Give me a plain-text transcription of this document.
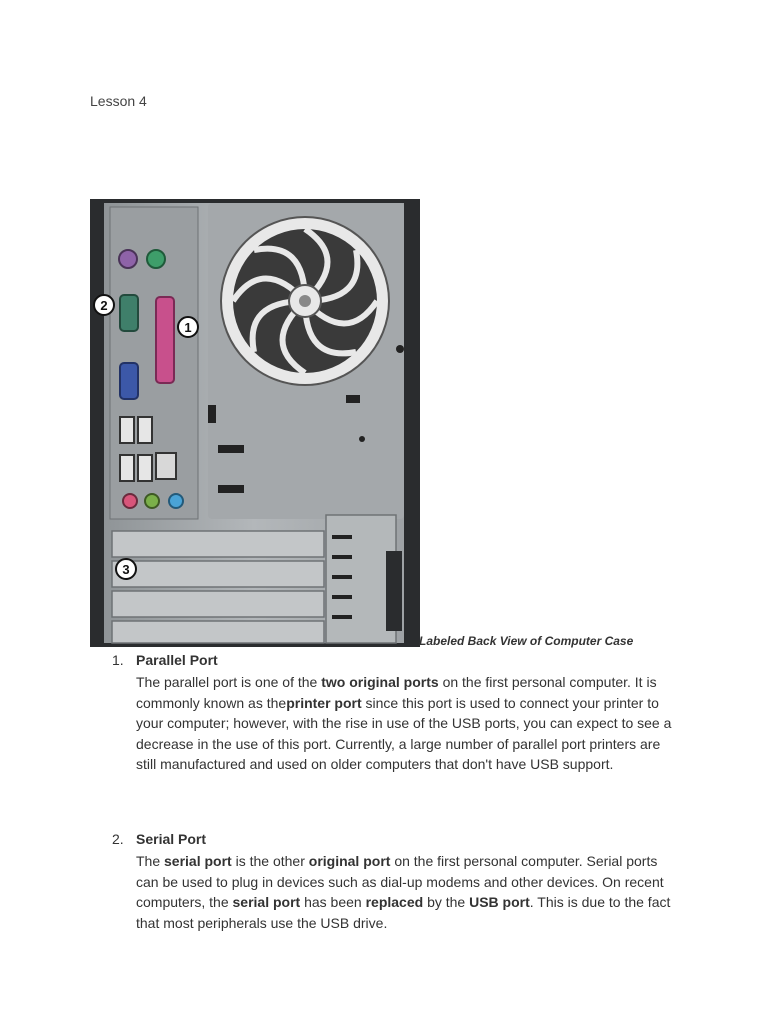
Lesson 4
1
2
3
Labeled Back View of Computer Case
1. Parallel Port
The parallel port is one of the two original ports on the first personal computer. It is commonly known as theprinter port since this port is used to connect your printer to your computer; however, with the rise in use of the USB ports, you can expect to see a decrease in the use of this port. Currently, a large number of parallel port printers are still manufactured and used on older computers that don't have USB support.
2. Serial Port
The serial port is the other original port on the first personal computer. Serial ports can be used to plug in devices such as dial-up modems and other devices. On recent computers, the serial port has been replaced by the USB port. This is due to the fact that most peripherals use the USB drive.
